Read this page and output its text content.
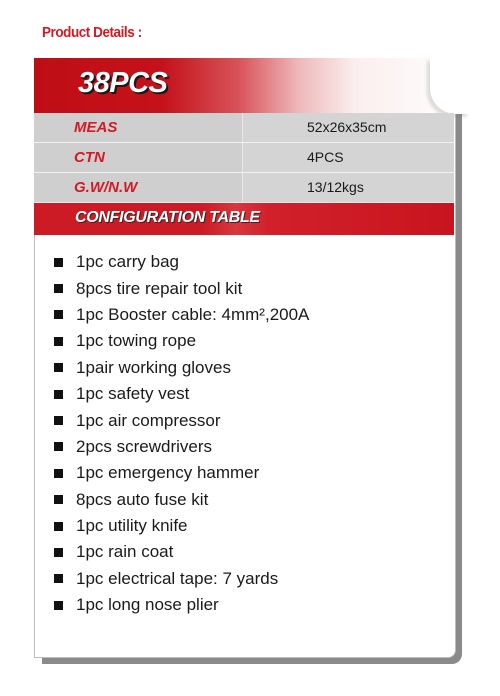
Product Details :
38PCS
MEAS	52x26x35cm
CTN	4PCS
G.W/N.W	13/12kgs
CONFIGURATION TABLE
1pc carry bag
8pcs tire repair tool kit
1pc Booster cable: 4mm²,200A
1pc towing rope
1pair working gloves
1pc safety vest
1pc air compressor
2pcs screwdrivers
1pc emergency hammer
8pcs auto fuse kit
1pc utility knife
1pc rain coat
1pc electrical tape: 7 yards
1pc long nose plier
